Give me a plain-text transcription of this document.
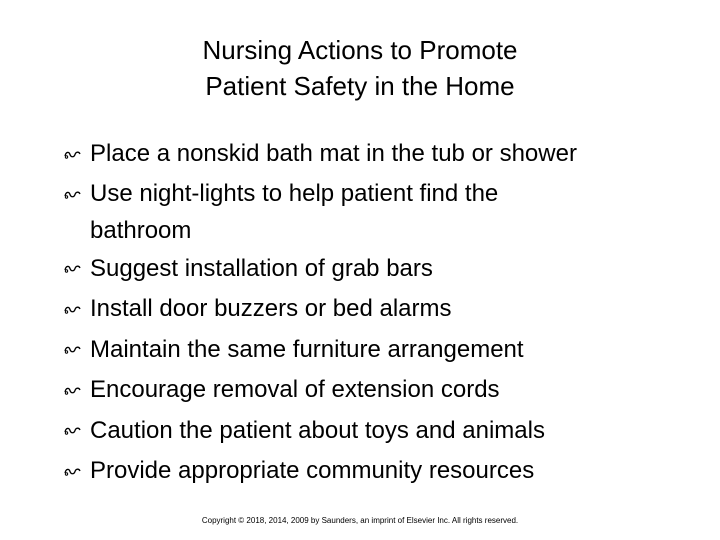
Nursing Actions to Promote
Patient Safety in the Home
Place a nonskid bath mat in the tub or shower
Use night-lights to help patient find the bathroom
Suggest installation of grab bars
Install door buzzers or bed alarms
Maintain the same furniture arrangement
Encourage removal of extension cords
Caution the patient about toys and animals
Provide appropriate community resources
Copyright © 2018, 2014, 2009 by Saunders, an imprint of Elsevier Inc. All rights reserved.
